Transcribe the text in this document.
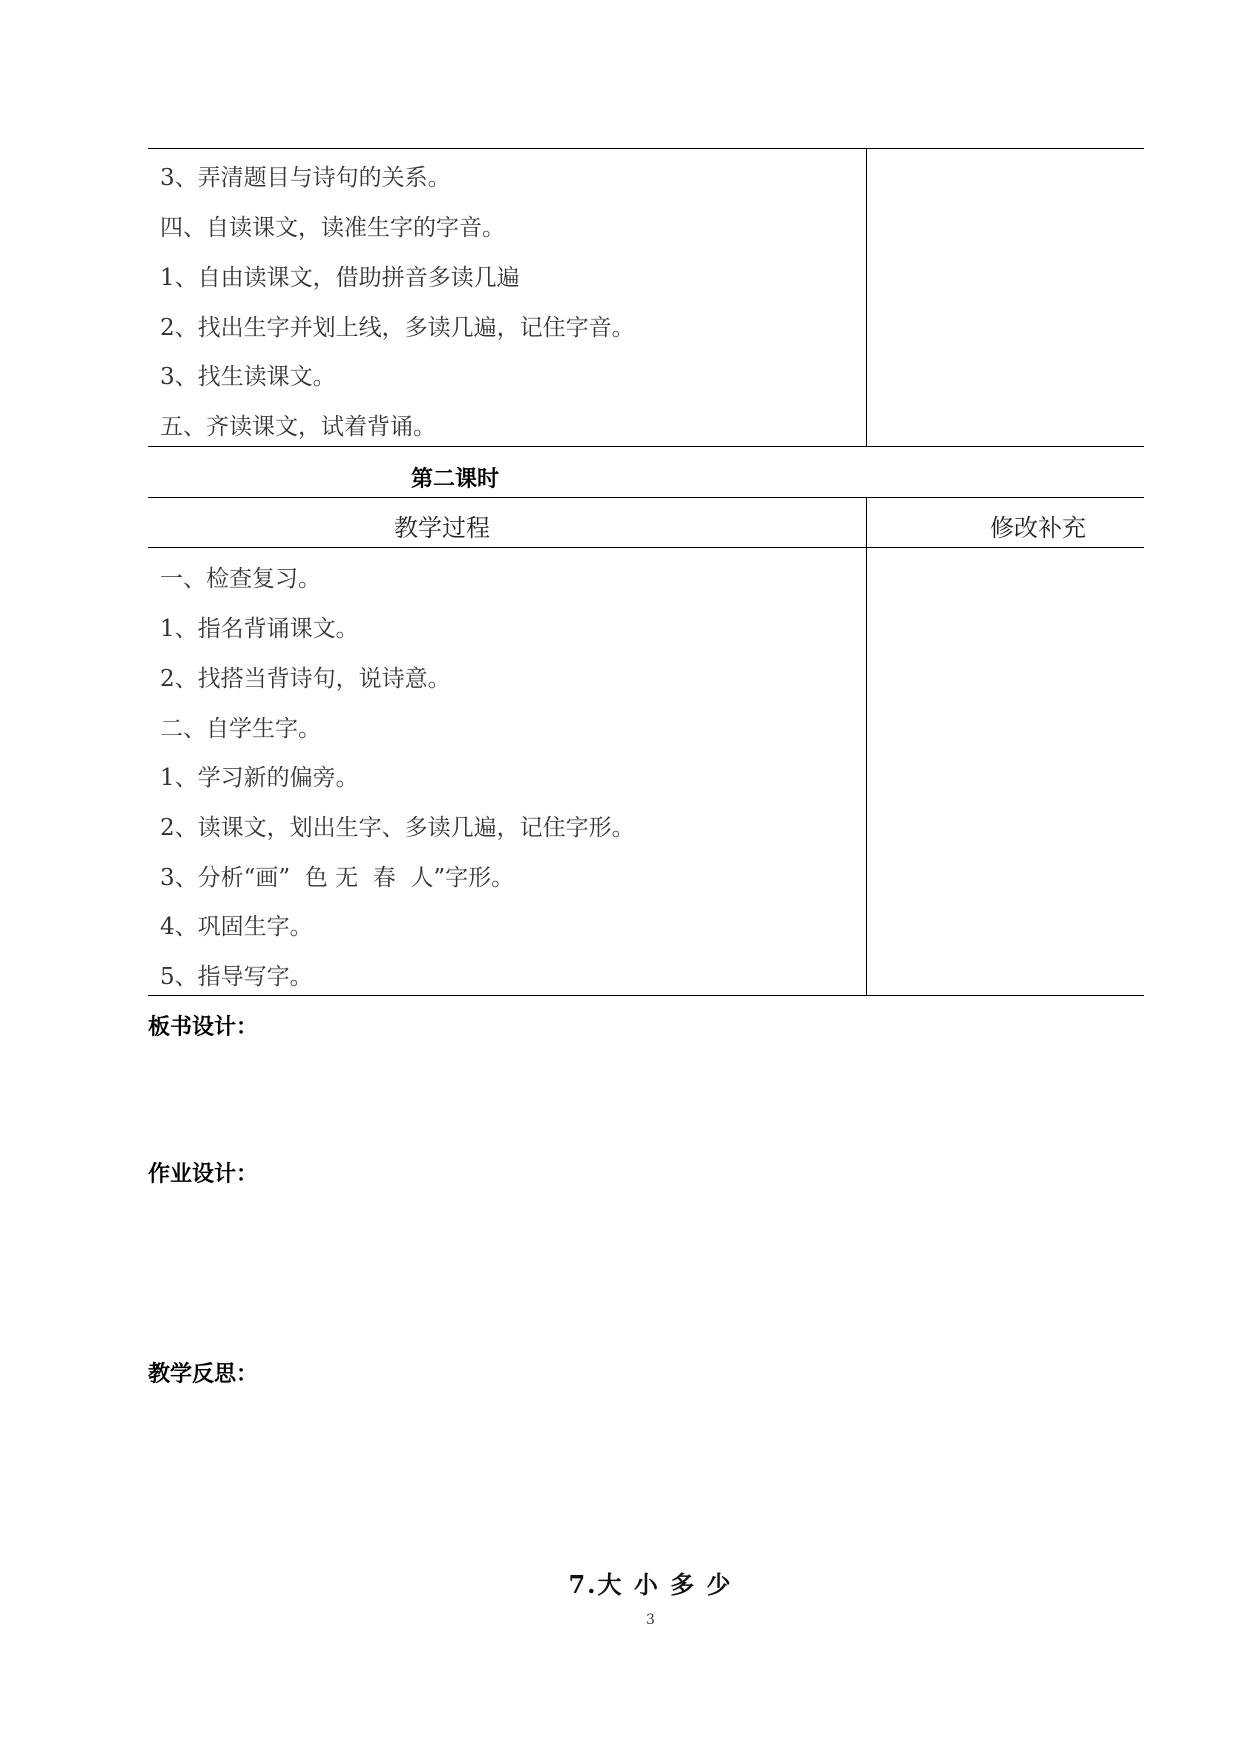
3、弄清题目与诗句的关系。
四、自读课文，读准生字的字音。
1、自由读课文，借助拼音多读几遍
2、找出生字并划上线，多读几遍，记住字音。
3、找生读课文。
五、齐读课文，试着背诵。
第二课时
教学过程	修改补充
一、检查复习。
1、指名背诵课文。
2、找搭当背诗句，说诗意。
二、自学生字。
1、学习新的偏旁。
2、读课文，划出生字、多读几遍，记住字形。
3、分析“画”  色 无  春  人”字形。
4、巩固生字。
5、指导写字。
板书设计：
作业设计：
教学反思：
7.大 小 多 少
3
